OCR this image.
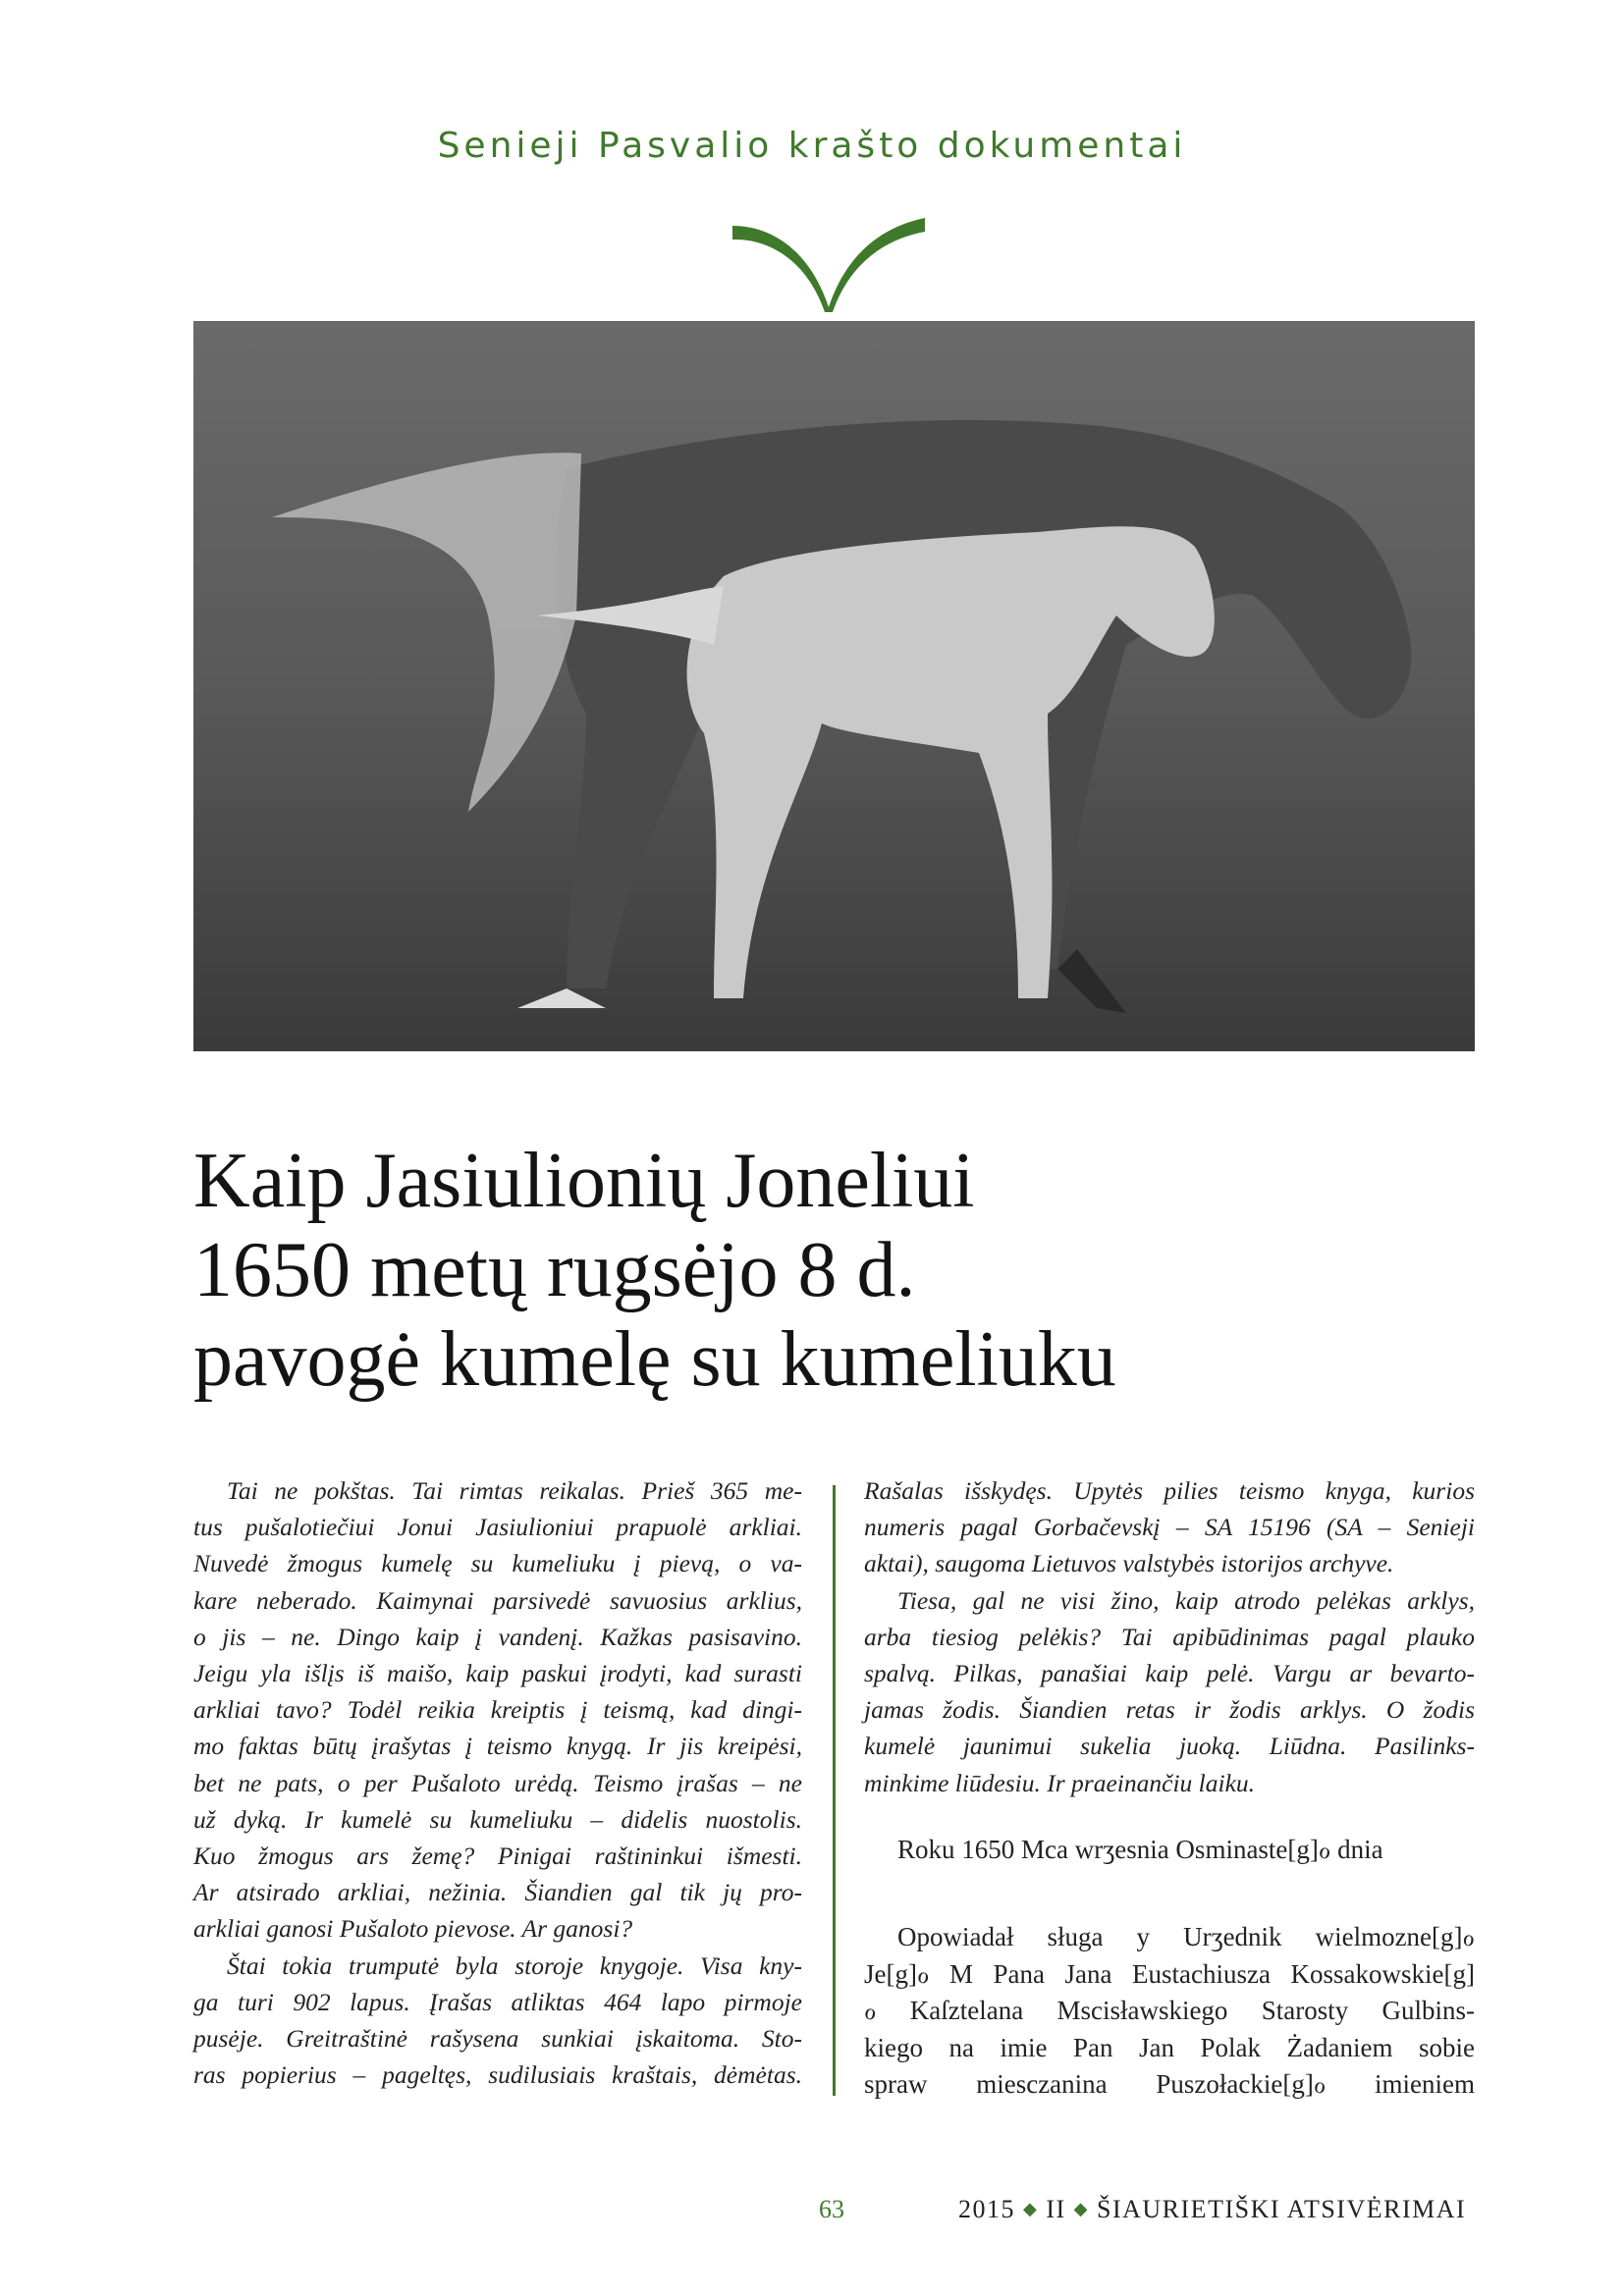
Senieji Pasvalio krašto dokumentai
Kaip Jasiulionių Joneliui
1650 metų rugsėjo 8 d.
pavogė kumelę su kumeliuku
Tai ne pokštas. Tai rimtas reikalas. Prieš 365 me-
tus pušalotiečiui Jonui Jasiulioniui prapuolė arkliai.
Nuvedė žmogus kumelę su kumeliuku į pievą, o va-
kare neberado. Kaimynai parsivedė savuosius arklius,
o jis – ne. Dingo kaip į vandenį. Kažkas pasisavino.
Jeigu yla išlįs iš maišo, kaip paskui įrodyti, kad surasti
arkliai tavo? Todėl reikia kreiptis į teismą, kad dingi-
mo faktas būtų įrašytas į teismo knygą. Ir jis kreipėsi,
bet ne pats, o per Pušaloto urėdą. Teismo įrašas – ne
už dyką. Ir kumelė su kumeliuku – didelis nuostolis.
Kuo žmogus ars žemę? Pinigai raštininkui išmesti.
Ar atsirado arkliai, nežinia. Šiandien gal tik jų pro-
arkliai ganosi Pušaloto pievose. Ar ganosi?
Štai tokia trumputė byla storoje knygoje. Visa kny-
ga turi 902 lapus. Įrašas atliktas 464 lapo pirmoje
pusėje. Greitraštinė rašysena sunkiai įskaitoma. Sto-
ras popierius – pageltęs, sudilusiais kraštais, dėmėtas.
Rašalas išskydęs. Upytės pilies teismo knyga, kurios
numeris pagal Gorbačevskį – SA 15196 (SA – Senieji
aktai), saugoma Lietuvos valstybės istorijos archyve.
Tiesa, gal ne visi žino, kaip atrodo pelėkas arklys,
arba tiesiog pelėkis? Tai apibūdinimas pagal plauko
spalvą. Pilkas, panašiai kaip pelė. Vargu ar bevarto-
jamas žodis. Šiandien retas ir žodis arklys. O žodis
kumelė jaunimui sukelia juoką. Liūdna. Pasilinks-
minkime liūdesiu. Ir praeinančiu laiku.
Roku 1650 Mca wrʒesnia Osminaste[g]ℴ dnia
Opowiadał sługa y Urʒednik wielmozne[g]ℴ
Je[g]ℴ M Pana Jana Eustachiusza Kossakowskie[g]
ℴ Kaſztelana Mscisławskiego Starosty Gulbins-
kiego na imie Pan Jan Polak Żadaniem sobie
spraw miesczanina Puszołackie[g]ℴ imieniem
63	2015 ◆ II ◆ ŠIAURIETIŠKI ATSIVĖRIMAI
